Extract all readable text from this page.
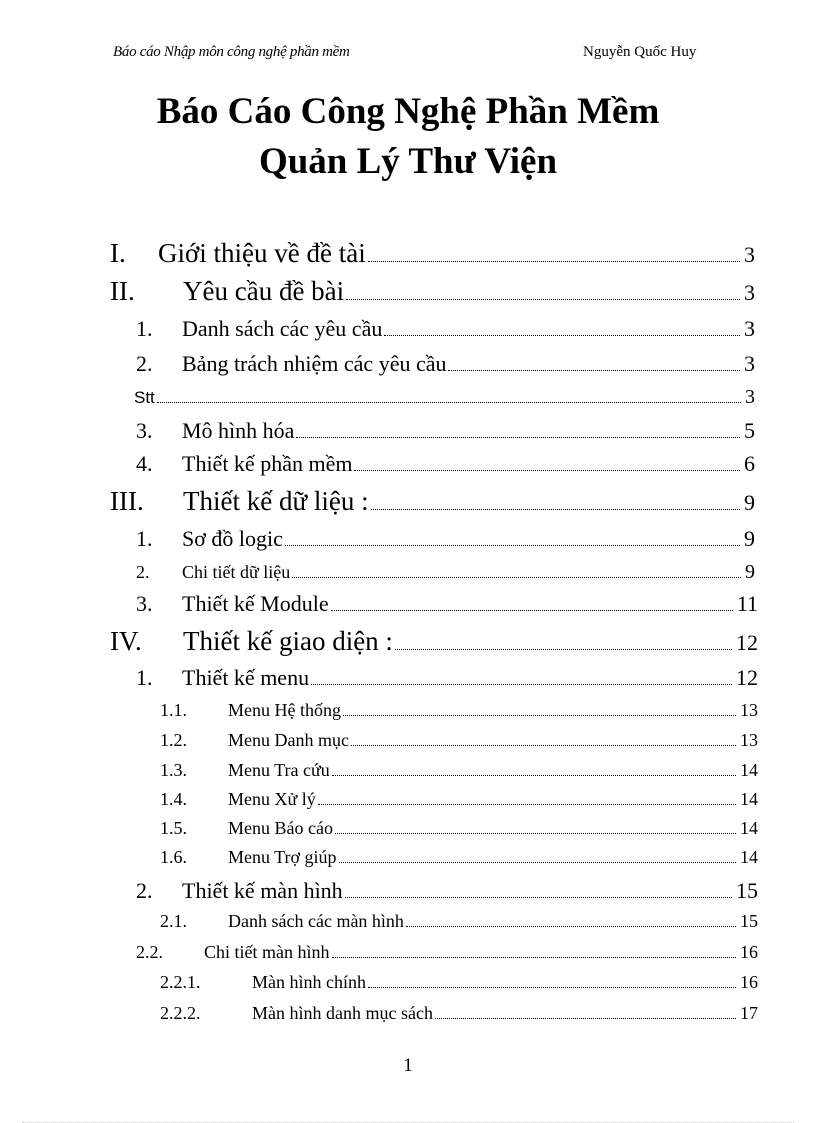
Báo cáo Nhập môn công nghệ phần mềm	Nguyễn Quốc Huy
Báo Cáo Công Nghệ Phần Mềm
Quản Lý Thư Viện
I.	Giới thiệu về đề tài	3
II.	Yêu cầu đề bài	3
1.	Danh sách các yêu cầu	3
2.	Bảng trách nhiệm các yêu cầu	3
Stt	3
3.	Mô hình hóa	5
4.	Thiết kế phần mềm	6
III.	Thiết kế dữ liệu :	9
1.	Sơ đồ logic	9
2.	Chi tiết dữ liệu	9
3.	Thiết kế Module	11
IV.	Thiết kế giao diện :	12
1.	Thiết kế menu	12
1.1.	Menu Hệ thống	13
1.2.	Menu Danh mục	13
1.3.	Menu Tra cứu	14
1.4.	Menu Xử lý	14
1.5.	Menu Báo cáo	14
1.6.	Menu Trợ giúp	14
2.	Thiết kế màn hình	15
2.1.	Danh sách các màn hình	15
2.2.	Chi tiết màn hình	16
2.2.1.	Màn hình chính	16
2.2.2.	Màn hình danh mục sách	17
1
